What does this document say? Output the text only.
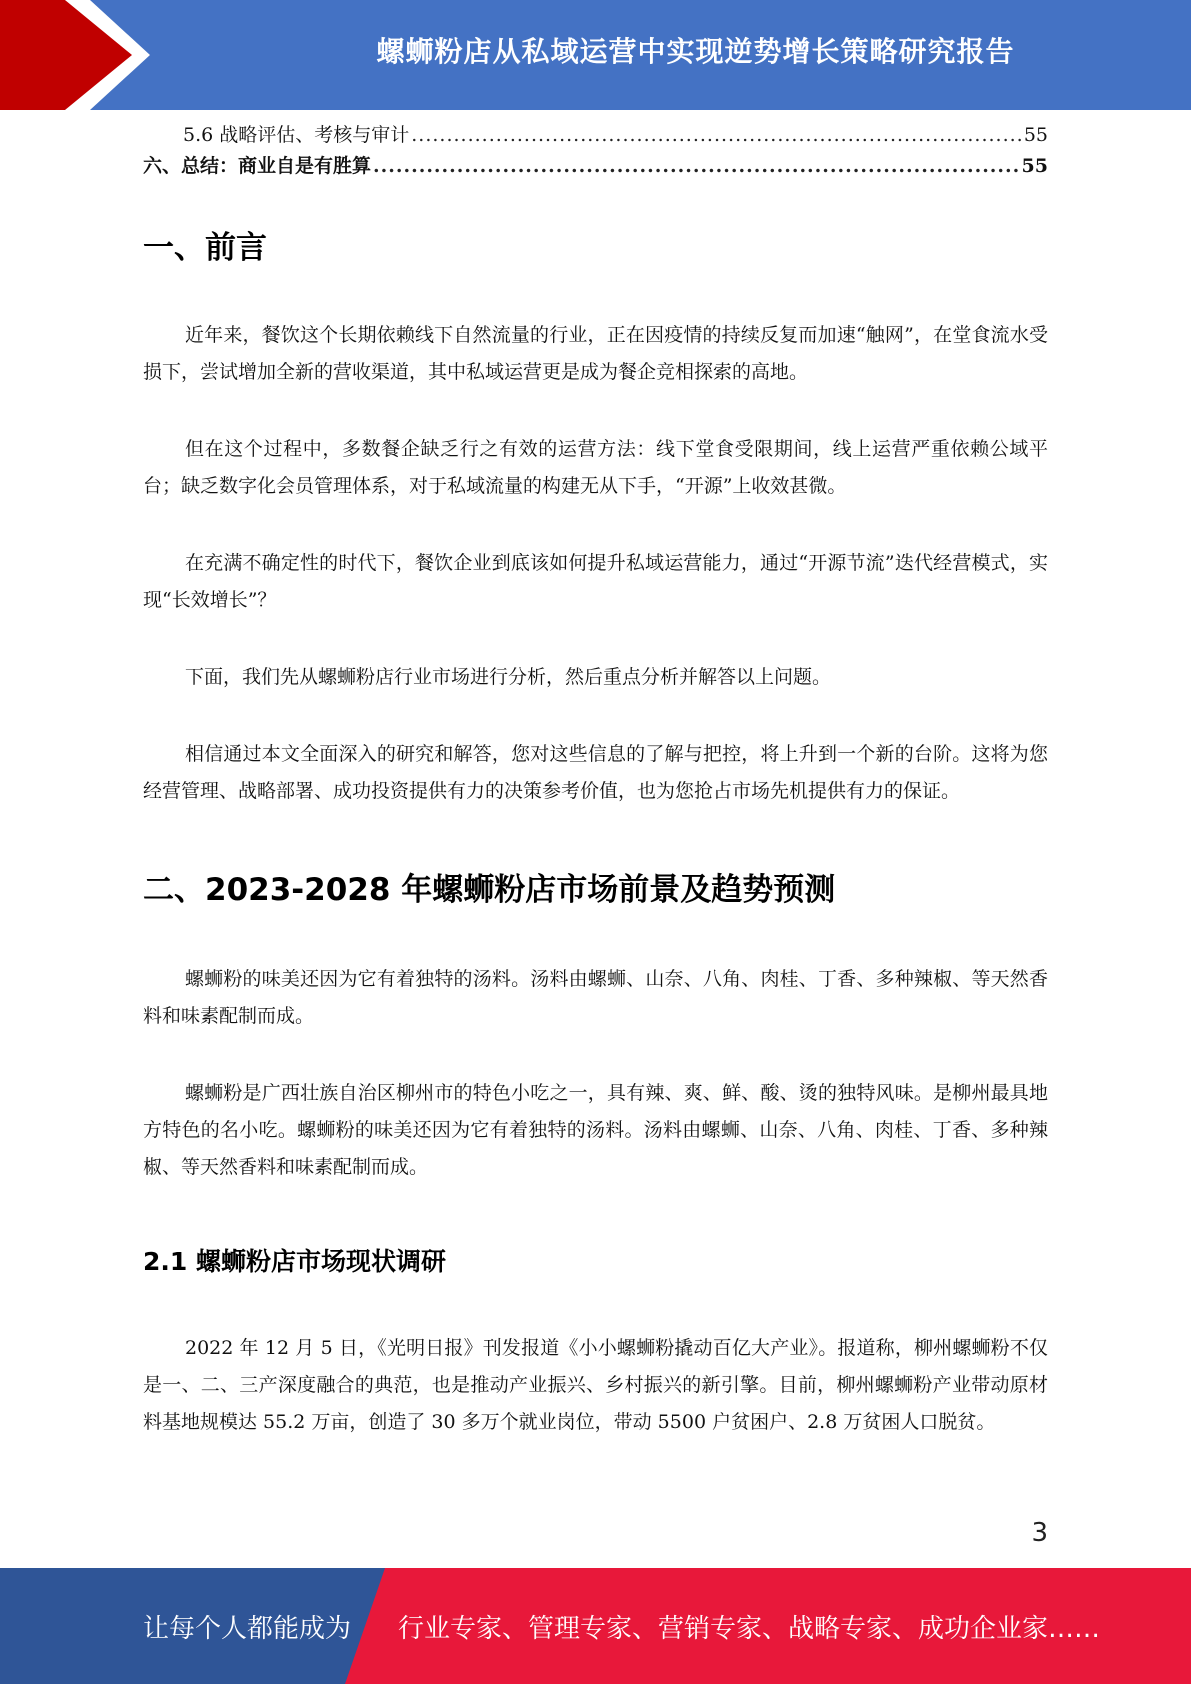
螺蛳粉店从私域运营中实现逆势增长策略研究报告
5.6 战略评估、考核与审计 .....	55
六、总结：商业自是有胜算 .....	55
一、前言

近年来，餐饮这个长期依赖线下自然流量的行业，正在因疫情的持续反复而加速“触网”，在堂食流水受损下，尝试增加全新的营收渠道，其中私域运营更是成为餐企竞相探索的高地。

但在这个过程中，多数餐企缺乏行之有效的运营方法：线下堂食受限期间，线上运营严重依赖公域平台；缺乏数字化会员管理体系，对于私域流量的构建无从下手，“开源”上收效甚微。

在充满不确定性的时代下，餐饮企业到底该如何提升私域运营能力，通过“开源节流”迭代经营模式，实现“长效增长”？

下面，我们先从螺蛳粉店行业市场进行分析，然后重点分析并解答以上问题。

相信通过本文全面深入的研究和解答，您对这些信息的了解与把控，将上升到一个新的台阶。这将为您经营管理、战略部署、成功投资提供有力的决策参考价值，也为您抢占市场先机提供有力的保证。

二、2023-2028 年螺蛳粉店市场前景及趋势预测

螺蛳粉的味美还因为它有着独特的汤料。汤料由螺蛳、山奈、八角、肉桂、丁香、多种辣椒、等天然香料和味素配制而成。

螺蛳粉是广西壮族自治区柳州市的特色小吃之一，具有辣、爽、鲜、酸、烫的独特风味。是柳州最具地方特色的名小吃。螺蛳粉的味美还因为它有着独特的汤料。汤料由螺蛳、山奈、八角、肉桂、丁香、多种辣椒、等天然香料和味素配制而成。

2.1 螺蛳粉店市场现状调研

2022 年 12 月 5 日，《光明日报》刊发报道《小小螺蛳粉撬动百亿大产业》。报道称，柳州螺蛳粉不仅是一、二、三产深度融合的典范，也是推动产业振兴、乡村振兴的新引擎。目前，柳州螺蛳粉产业带动原材料基地规模达 55.2 万亩，创造了 30 多万个就业岗位，带动 5500 户贫困户、2.8 万贫困人口脱贫。

3
让每个人都能成为 行业专家、管理专家、营销专家、战略专家、成功企业家……
